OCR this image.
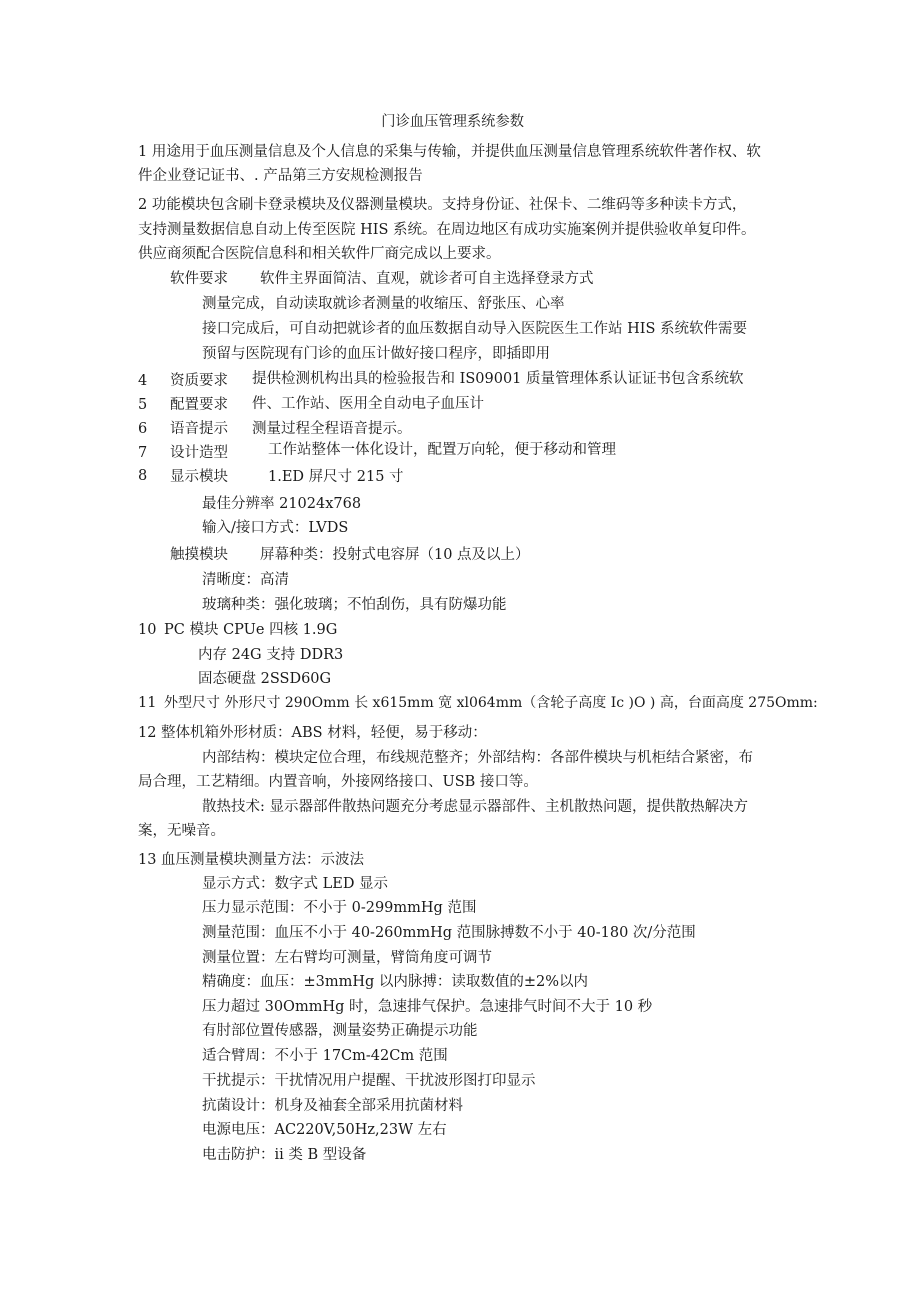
门诊血压管理系统参数
1 用途用于血压测量信息及个人信息的采集与传输，并提供血压测量信息管理系统软件著作权、软
件企业登记证书、. 产品第三方安规检测报告
2 功能模块包含刷卡登录模块及仪器测量模块。支持身份证、社保卡、二维码等多种读卡方式，
支持测量数据信息自动上传至医院 HIS 系统。在周边地区有成功实施案例并提供验收单复印件。
供应商须配合医院信息科和相关软件厂商完成以上要求。
软件要求 软件主界面简洁、直观，就诊者可自主选择登录方式
测量完成，自动读取就诊者测量的收缩压、舒张压、心率
接口完成后，可自动把就诊者的血压数据自动导入医院医生工作站 HIS 系统软件需要
预留与医院现有门诊的血压计做好接口程序，即插即用
4 资质要求 提供检测机构出具的检验报告和 IS09001 质量管理体系认证证书包含系统软
5 配置要求 件、工作站、医用全自动电子血压计
6 语音提示 测量过程全程语音提示。
7 设计造型	工作站整体一体化设计，配置万向轮，便于移动和管理
8 显示模块	1.ED 屏尺寸 215 寸
最佳分辨率 21024x768
输入/接口方式：LVDS
触摸模块 屏幕种类：投射式电容屏（10 点及以上）
清晰度：高清
玻璃种类：强化玻璃；不怕刮伤，具有防爆功能
10 PC 模块 CPUe 四核 1.9G
内存 24G 支持 DDR3
固态硬盘 2SSD60G
11 外型尺寸 外形尺寸 290Omm 长 x615mm 宽 xl064mm（含轮子高度 Ic )O ) 高，台面高度 275Omm:
12 整体机箱外形材质：ABS 材料，轻便，易于移动：
内部结构：模块定位合理，布线规范整齐；外部结构：各部件模块与机柜结合紧密，布
局合理，工艺精细。内置音响，外接网络接口、USB 接口等。
散热技术: 显示器部件散热问题充分考虑显示器部件、主机散热问题，提供散热解决方
案，无噪音。
13 血压测量模块测量方法：示波法
显示方式：数字式 LED 显示
压力显示范围：不小于 0-299mmHg 范围
测量范围：血压不小于 40-260mmHg 范围脉搏数不小于 40-180 次/分范围
测量位置：左右臂均可测量，臂筒角度可调节
精确度：血压：±3mmHg 以内脉搏：读取数值的±2%以内
压力超过 30OmmHg 时，急速排气保护。急速排气时间不大于 10 秒
有肘部位置传感器，测量姿势正确提示功能
适合臂周：不小于 17Cm-42Cm 范围
干扰提示：干扰情况用户提醒、干扰波形图打印显示
抗菌设计：机身及袖套全部采用抗菌材料
电源电压：AC220V,50Hz,23W 左右
电击防护：ii 类 B 型设备
